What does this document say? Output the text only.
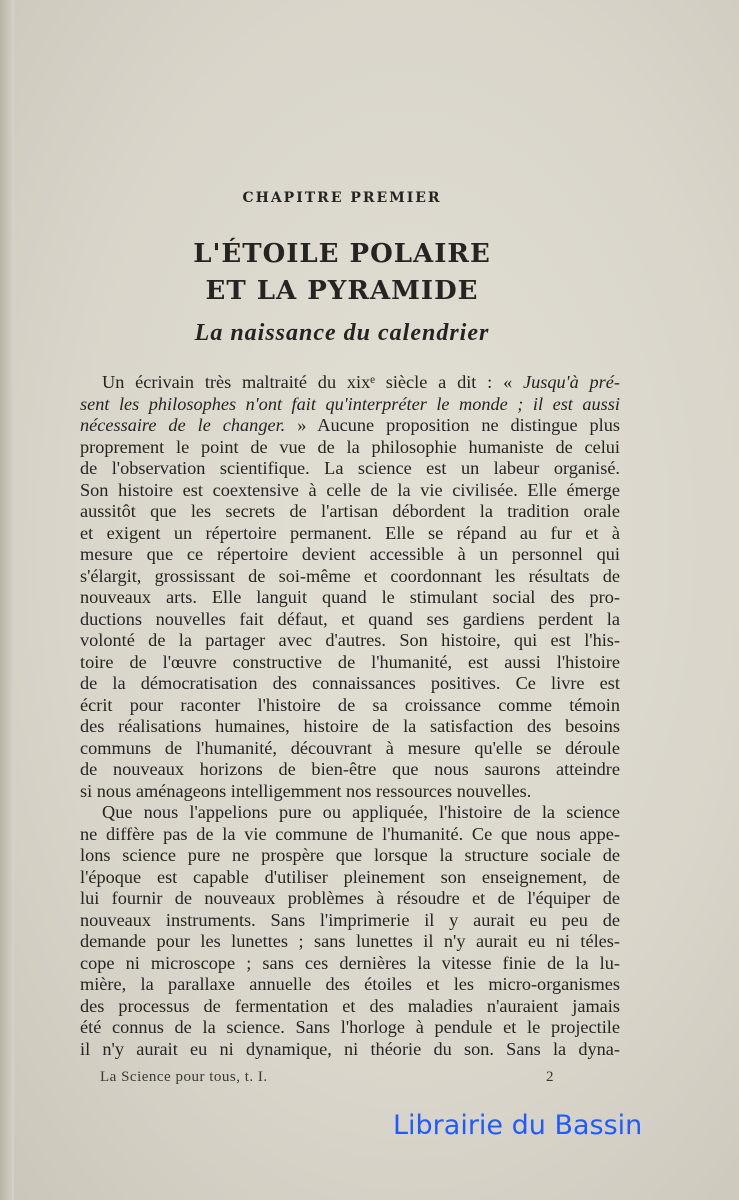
CHAPITRE PREMIER
L'ÉTOILE POLAIRE
ET LA PYRAMIDE
La naissance du calendrier
Un écrivain très maltraité du xixᵉ siècle a dit : « Jusqu'à pré-
sent les philosophes n'ont fait qu'interpréter le monde ; il est aussi
nécessaire de le changer. » Aucune proposition ne distingue plus
proprement le point de vue de la philosophie humaniste de celui
de l'observation scientifique. La science est un labeur organisé.
Son histoire est coextensive à celle de la vie civilisée. Elle émerge
aussitôt que les secrets de l'artisan débordent la tradition orale
et exigent un répertoire permanent. Elle se répand au fur et à
mesure que ce répertoire devient accessible à un personnel qui
s'élargit, grossissant de soi-même et coordonnant les résultats de
nouveaux arts. Elle languit quand le stimulant social des pro-
ductions nouvelles fait défaut, et quand ses gardiens perdent la
volonté de la partager avec d'autres. Son histoire, qui est l'his-
toire de l'œuvre constructive de l'humanité, est aussi l'histoire
de la démocratisation des connaissances positives. Ce livre est
écrit pour raconter l'histoire de sa croissance comme témoin
des réalisations humaines, histoire de la satisfaction des besoins
communs de l'humanité, découvrant à mesure qu'elle se déroule
de nouveaux horizons de bien-être que nous saurons atteindre
si nous aménageons intelligemment nos ressources nouvelles.
Que nous l'appelions pure ou appliquée, l'histoire de la science
ne diffère pas de la vie commune de l'humanité. Ce que nous appe-
lons science pure ne prospère que lorsque la structure sociale de
l'époque est capable d'utiliser pleinement son enseignement, de
lui fournir de nouveaux problèmes à résoudre et de l'équiper de
nouveaux instruments. Sans l'imprimerie il y aurait eu peu de
demande pour les lunettes ; sans lunettes il n'y aurait eu ni téles-
cope ni microscope ; sans ces dernières la vitesse finie de la lu-
mière, la parallaxe annuelle des étoiles et les micro-organismes
des processus de fermentation et des maladies n'auraient jamais
été connus de la science. Sans l'horloge à pendule et le projectile
il n'y aurait eu ni dynamique, ni théorie du son. Sans la dyna-
La Science pour tous, t. I.	2
Librairie du Bassin
